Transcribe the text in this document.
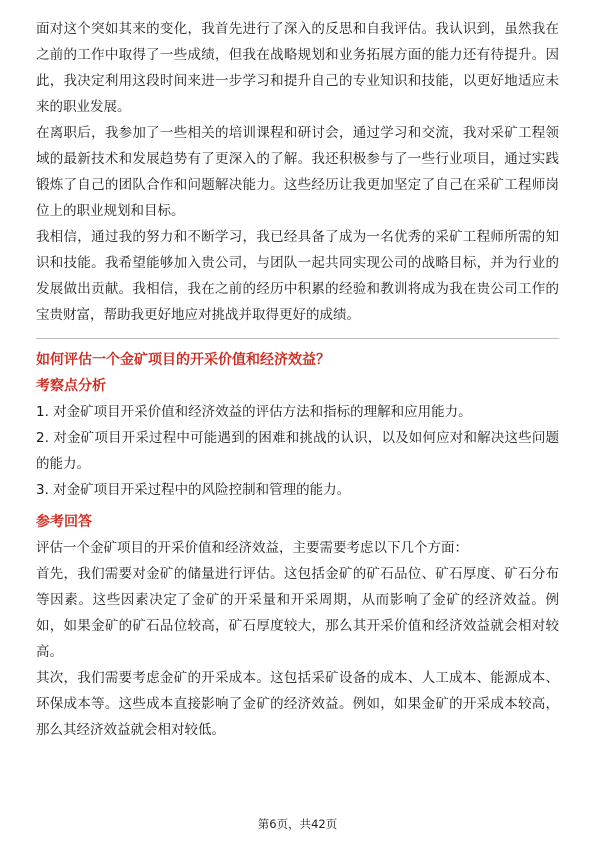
面对这个突如其来的变化，我首先进行了深入的反思和自我评估。我认识到，虽然我在之前的工作中取得了一些成绩，但我在战略规划和业务拓展方面的能力还有待提升。因此，我决定利用这段时间来进一步学习和提升自己的专业知识和技能，以更好地适应未来的职业发展。

在离职后，我参加了一些相关的培训课程和研讨会，通过学习和交流，我对采矿工程领域的最新技术和发展趋势有了更深入的了解。我还积极参与了一些行业项目，通过实践锻炼了自己的团队合作和问题解决能力。这些经历让我更加坚定了自己在采矿工程师岗位上的职业规划和目标。

我相信，通过我的努力和不断学习，我已经具备了成为一名优秀的采矿工程师所需的知识和技能。我希望能够加入贵公司，与团队一起共同实现公司的战略目标，并为行业的发展做出贡献。我相信，我在之前的经历中积累的经验和教训将成为我在贵公司工作的宝贵财富，帮助我更好地应对挑战并取得更好的成绩。

如何评估一个金矿项目的开采价值和经济效益？

考察点分析

1. 对金矿项目开采价值和经济效益的评估方法和指标的理解和应用能力。

2. 对金矿项目开采过程中可能遇到的困难和挑战的认识，以及如何应对和解决这些问题的能力。

3. 对金矿项目开采过程中的风险控制和管理的能力。

参考回答

评估一个金矿项目的开采价值和经济效益，主要需要考虑以下几个方面：

首先，我们需要对金矿的储量进行评估。这包括金矿的矿石品位、矿石厚度、矿石分布等因素。这些因素决定了金矿的开采量和开采周期，从而影响了金矿的经济效益。例如，如果金矿的矿石品位较高，矿石厚度较大，那么其开采价值和经济效益就会相对较高。

其次，我们需要考虑金矿的开采成本。这包括采矿设备的成本、人工成本、能源成本、环保成本等。这些成本直接影响了金矿的经济效益。例如，如果金矿的开采成本较高，那么其经济效益就会相对较低。

第6页，共42页
